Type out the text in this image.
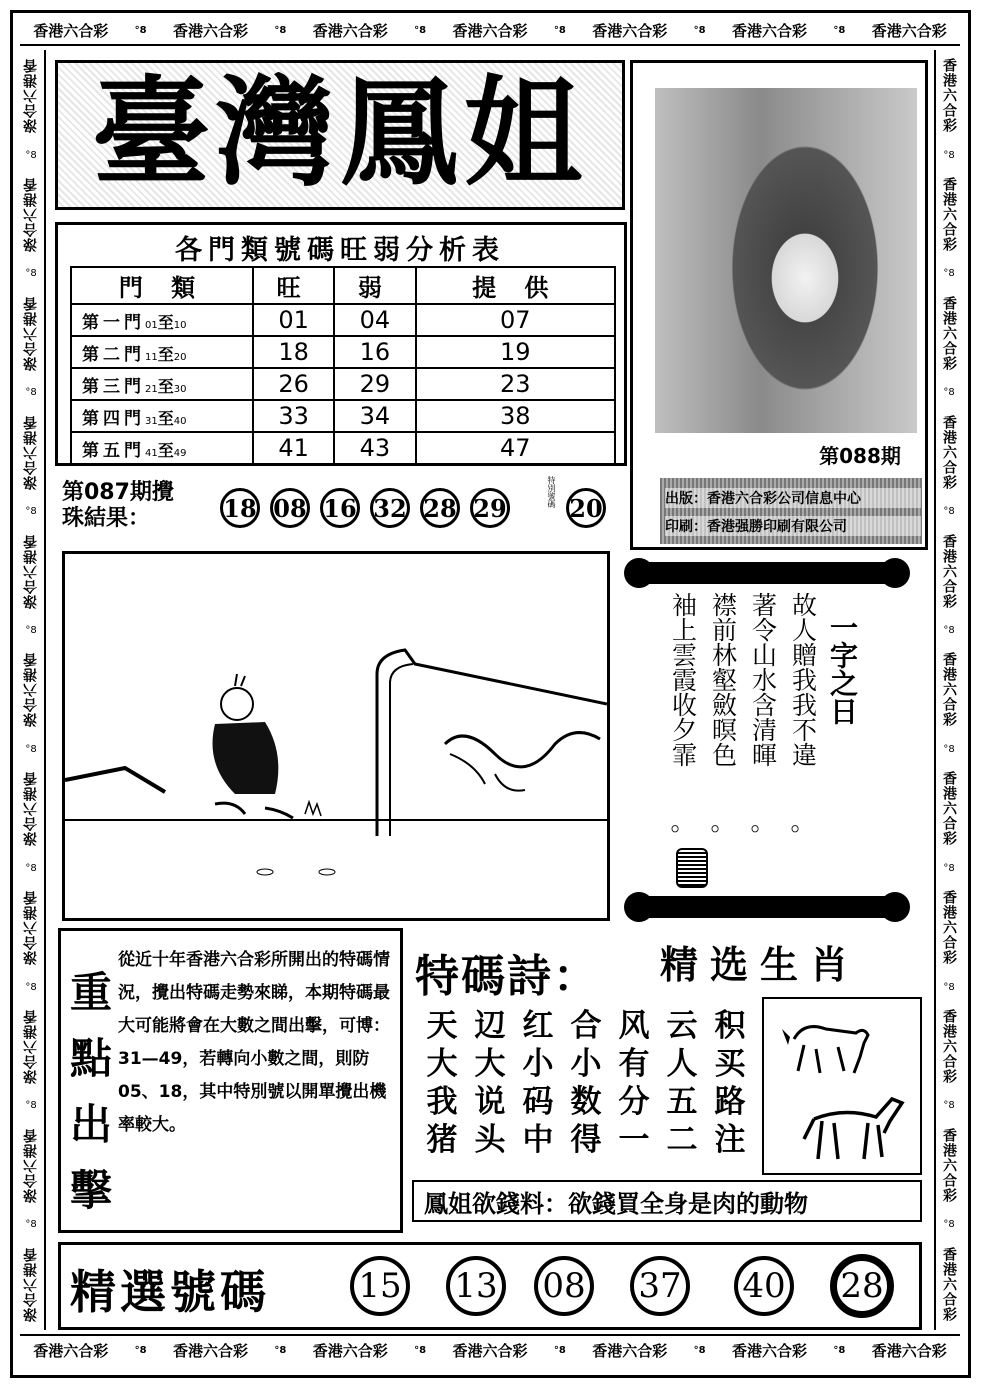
香港六合彩	°8 香港六合彩	°8 香港六合彩	°8 香港六合彩	°8 香港六合彩	°8 香港六合彩	°8 香港六合彩
香港六合彩	°8 香港六合彩	°8 香港六合彩	°8 香港六合彩	°8 香港六合彩	°8 香港六合彩	°8 香港六合彩
淥合六港香
°8
淥合六港香
°8
淥合六港香
°8
淥合六港香
°8
淥合六港香
°8
淥合六港香
°8
淥合六港香
°8
淥合六港香
°8
淥合六港香
°8
淥合六港香
°8
淥合六港香
香港六合彩
°8
香港六合彩
°8
香港六合彩
°8
香港六合彩
°8
香港六合彩
°8
香港六合彩
°8
香港六合彩
°8
香港六合彩
°8
香港六合彩
°8
香港六合彩
°8
香港六合彩
臺灣鳳姐
各門類號碼旺弱分析表
門 類	旺	弱	提 供
第一門01至10	01	04	07
第二門11至20	18	16	19
第三門21至30	26	29	23
第四門31至40	33	34	38
第五門41至49	41	43	47	第088期
出版：香港六合彩公司信息中心
印刷：香港强勝印刷有限公司
第087期攪
珠結果：	18 08 16 32 28 29	特別號碼 20
故人贈我我不違
著令山水含清暉
襟前林壑斂暝色
袖上雲霞收夕霏
。
。
。
。
一字之日
重
點
出
擊
從近十年香港六合彩所開出的特碼情況，攪出特碼走勢來睇，本期特碼最大可能將會在大數之間出擊，可博：31—49，若轉向小數之間，則防05、18，其中特別號以開單攪出機率較大。
特碼詩： 精选生肖
天 辺 红 合 风 云 积
大 大 小 小 有 人 买
我 说 码 数 分 五 路
猪 头 中 得 一 二 注
鳳姐欲錢料： 欲錢買全身是肉的動物
精選號碼	15 13 08 37 40	28
